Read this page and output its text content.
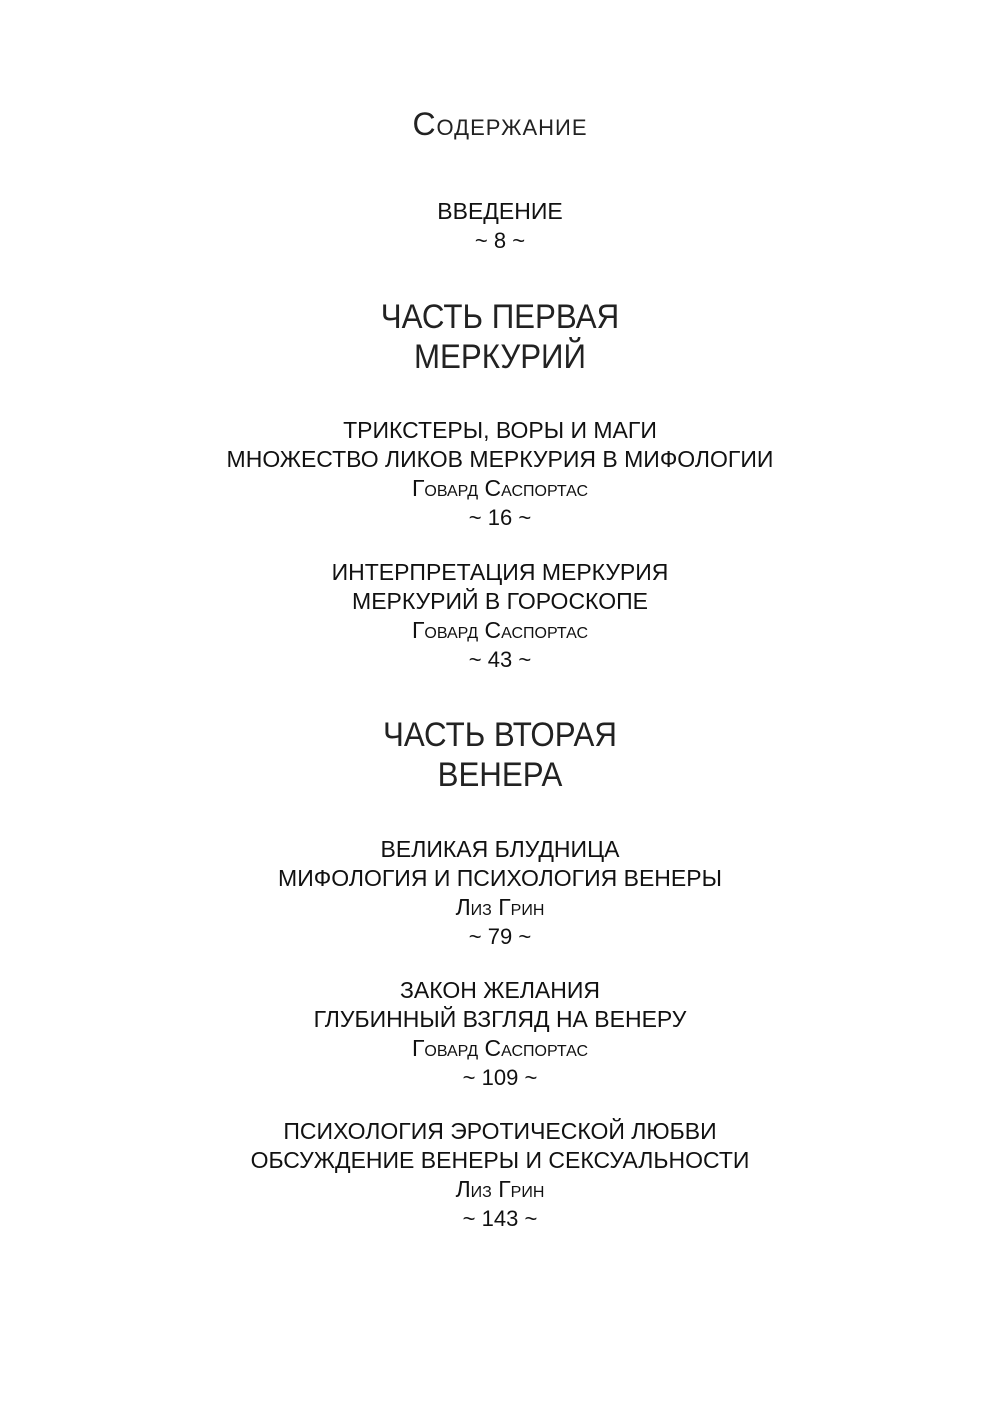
Содержание
ВВЕДЕНИЕ
~ 8 ~
ЧАСТЬ ПЕРВАЯ
МЕРКУРИЙ
ТРИКСТЕРЫ, ВОРЫ И МАГИ
МНОЖЕСТВО ЛИКОВ МЕРКУРИЯ В МИФОЛОГИИ
Говард Саспортас
~ 16 ~
ИНТЕРПРЕТАЦИЯ МЕРКУРИЯ
МЕРКУРИЙ В ГОРОСКОПЕ
Говард Саспортас
~ 43 ~
ЧАСТЬ ВТОРАЯ
ВЕНЕРА
ВЕЛИКАЯ БЛУДНИЦА
МИФОЛОГИЯ И ПСИХОЛОГИЯ ВЕНЕРЫ
Лиз Грин
~ 79 ~
ЗАКОН ЖЕЛАНИЯ
ГЛУБИННЫЙ ВЗГЛЯД НА ВЕНЕРУ
Говард Саспортас
~ 109 ~
ПСИХОЛОГИЯ ЭРОТИЧЕСКОЙ ЛЮБВИ
ОБСУЖДЕНИЕ ВЕНЕРЫ И СЕКСУАЛЬНОСТИ
Лиз Грин
~ 143 ~
